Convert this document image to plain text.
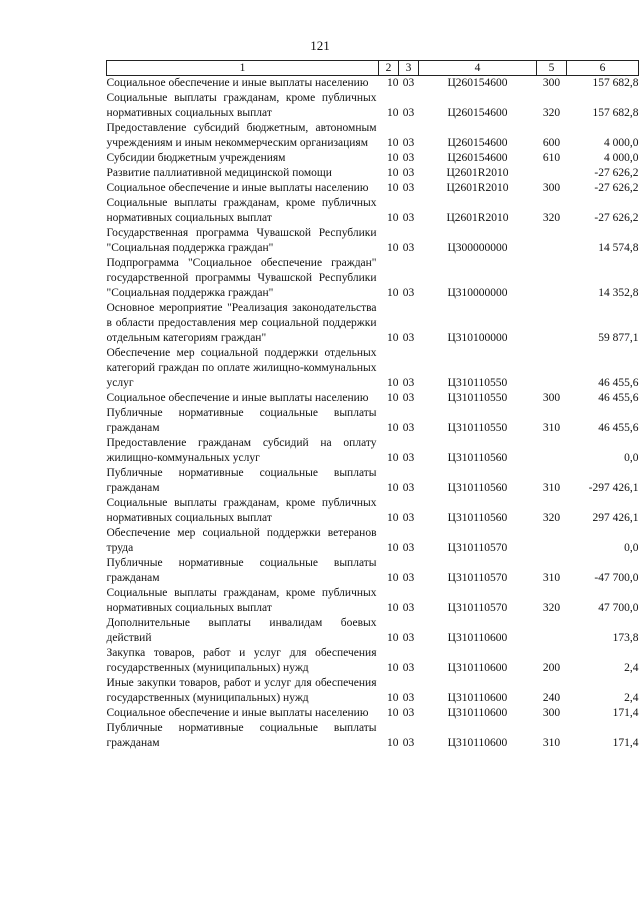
121
1	2	3	4	5	6
Социальное обеспечение и иные выплаты населению	10	03	Ц260154600	300	157 682,8
Социальные выплаты гражданам, кроме публичных нормативных социальных выплат	10	03	Ц260154600	320	157 682,8
Предоставление субсидий бюджетным, автономным учреждениям и иным некоммерческим организациям	10	03	Ц260154600	600	4 000,0
Субсидии бюджетным учреждениям	10	03	Ц260154600	610	4 000,0
Развитие паллиативной медицинской помощи	10	03	Ц2601R2010		-27 626,2
Социальное обеспечение и иные выплаты населению	10	03	Ц2601R2010	300	-27 626,2
Социальные выплаты гражданам, кроме публичных нормативных социальных выплат	10	03	Ц2601R2010	320	-27 626,2
Государственная программа Чувашской Республики "Социальная поддержка граждан"	10	03	Ц300000000		14 574,8
Подпрограмма "Социальное обеспечение граждан" государственной программы Чувашской Республики "Социальная поддержка граждан"	10	03	Ц310000000		14 352,8
Основное мероприятие "Реализация законодательства в области предоставления мер социальной поддержки отдельным категориям граждан"	10	03	Ц310100000		59 877,1
Обеспечение мер социальной поддержки отдельных категорий граждан по оплате жилищно-коммунальных услуг	10	03	Ц310110550		46 455,6
Социальное обеспечение и иные выплаты населению	10	03	Ц310110550	300	46 455,6
Публичные нормативные социальные выплаты гражданам	10	03	Ц310110550	310	46 455,6
Предоставление гражданам субсидий на оплату жилищно-коммунальных услуг	10	03	Ц310110560		0,0
Публичные нормативные социальные выплаты гражданам	10	03	Ц310110560	310	-297 426,1
Социальные выплаты гражданам, кроме публичных нормативных социальных выплат	10	03	Ц310110560	320	297 426,1
Обеспечение мер социальной поддержки ветеранов труда	10	03	Ц310110570		0,0
Публичные нормативные социальные выплаты гражданам	10	03	Ц310110570	310	-47 700,0
Социальные выплаты гражданам, кроме публичных нормативных социальных выплат	10	03	Ц310110570	320	47 700,0
Дополнительные выплаты инвалидам боевых действий	10	03	Ц310110600		173,8
Закупка товаров, работ и услуг для обеспечения государственных (муниципальных) нужд	10	03	Ц310110600	200	2,4
Иные закупки товаров, работ и услуг для обеспечения государственных (муниципальных) нужд	10	03	Ц310110600	240	2,4
Социальное обеспечение и иные выплаты населению	10	03	Ц310110600	300	171,4
Публичные нормативные социальные выплаты гражданам	10	03	Ц310110600	310	171,4
